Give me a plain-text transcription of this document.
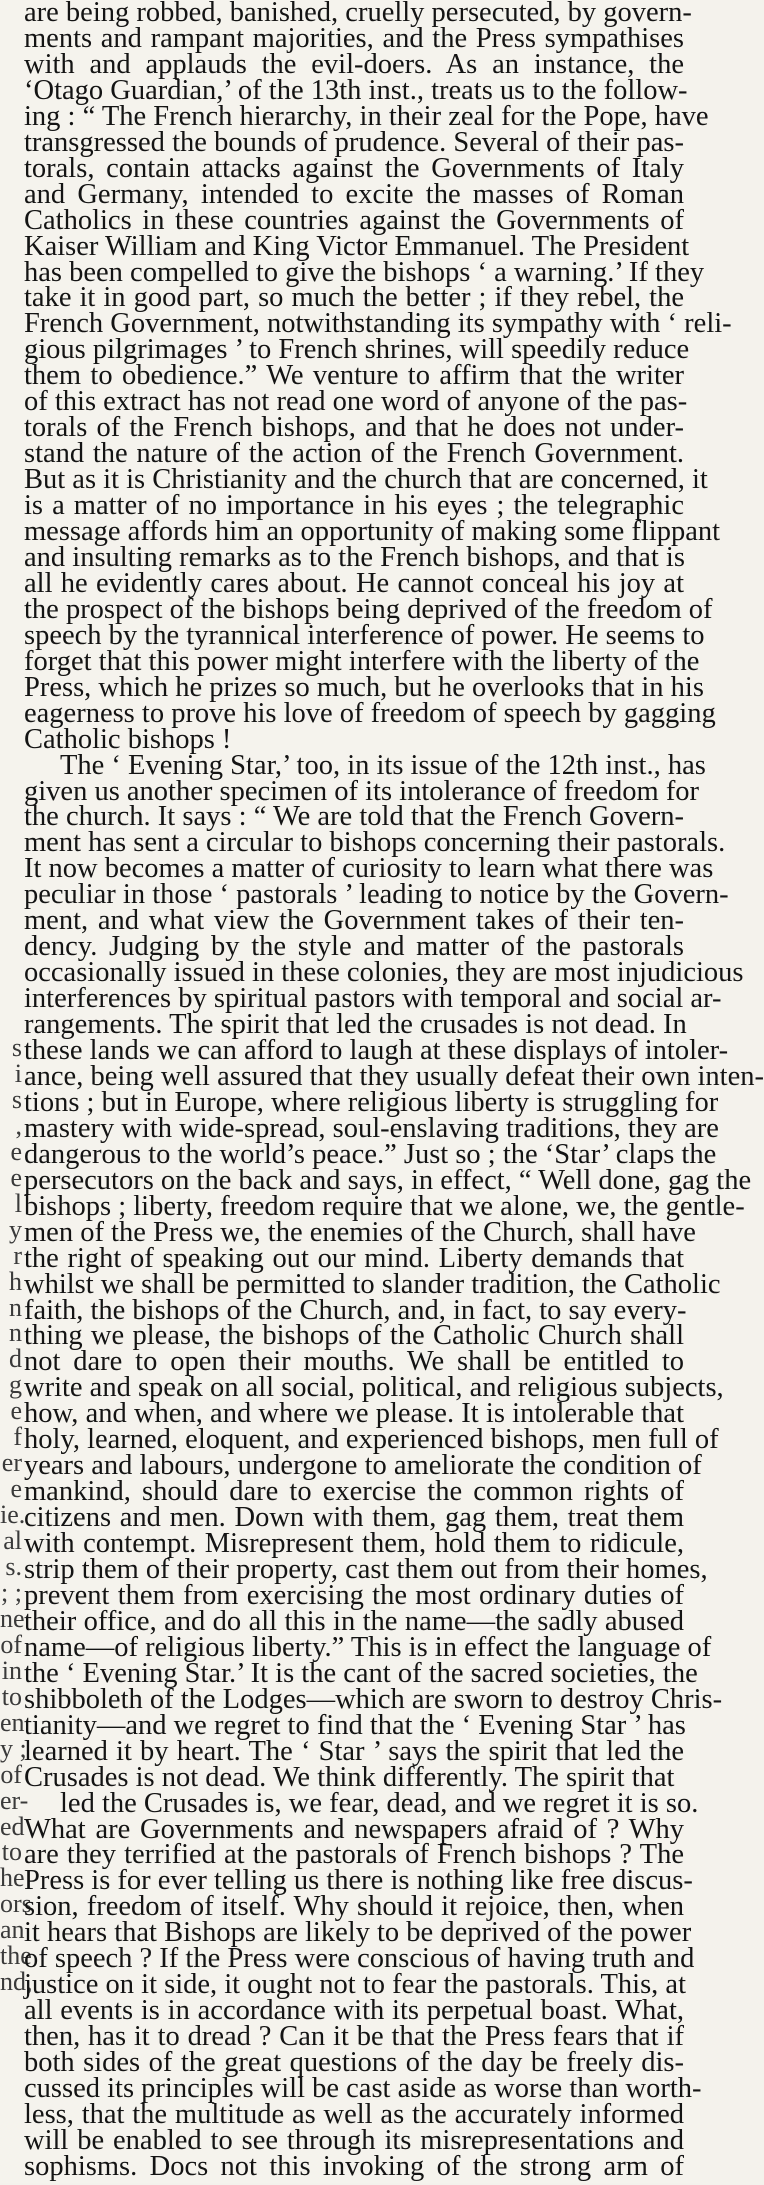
s
i
s
,
e
e
l
y
r
h
n
n
d
g
e
f
er
e
ie.
al
s.
; ;
ne
of
in
to
en
y ;
of
er-
ed
to
he
ors
an
the
nd,
are being robbed, banished, cruelly persecuted, by govern-
ments and rampant majorities, and the Press sympathises
with and applauds the evil-doers. As an instance, the
‘Otago Guardian,’ of the 13th inst., treats us to the follow-
ing : “ The French hierarchy, in their zeal for the Pope, have
transgressed the bounds of prudence. Several of their pas-
torals, contain attacks against the Governments of Italy
and Germany, intended to excite the masses of Roman
Catholics in these countries against the Governments of
Kaiser William and King Victor Emmanuel. The President
has been compelled to give the bishops ‘ a warning.’ If they
take it in good part, so much the better ; if they rebel, the
French Government, notwithstanding its sympathy with ‘ reli-
gious pilgrimages ’ to French shrines, will speedily reduce
them to obedience.” We venture to affirm that the writer
of this extract has not read one word of anyone of the pas-
torals of the French bishops, and that he does not under-
stand the nature of the action of the French Government.
But as it is Christianity and the church that are concerned, it
is a matter of no importance in his eyes ; the telegraphic
message affords him an opportunity of making some flippant
and insulting remarks as to the French bishops, and that is
all he evidently cares about. He cannot conceal his joy at
the prospect of the bishops being deprived of the freedom of
speech by the tyrannical interference of power. He seems to
forget that this power might interfere with the liberty of the
Press, which he prizes so much, but he overlooks that in his
eagerness to prove his love of freedom of speech by gagging
Catholic bishops !
The ‘ Evening Star,’ too, in its issue of the 12th inst., has
given us another specimen of its intolerance of freedom for
the church. It says : “ We are told that the French Govern-
ment has sent a circular to bishops concerning their pastorals.
It now becomes a matter of curiosity to learn what there was
peculiar in those ‘ pastorals ’ leading to notice by the Govern-
ment, and what view the Government takes of their ten-
dency. Judging by the style and matter of the pastorals
occasionally issued in these colonies, they are most injudicious
interferences by spiritual pastors with temporal and social ar-
rangements. The spirit that led the crusades is not dead. In
these lands we can afford to laugh at these displays of intoler-
ance, being well assured that they usually defeat their own inten-
tions ; but in Europe, where religious liberty is struggling for
mastery with wide-spread, soul-enslaving traditions, they are
dangerous to the world’s peace.” Just so ; the ‘Star’ claps the
persecutors on the back and says, in effect, “ Well done, gag the
bishops ; liberty, freedom require that we alone, we, the gentle-
men of the Press we, the enemies of the Church, shall have
the right of speaking out our mind. Liberty demands that
whilst we shall be permitted to slander tradition, the Catholic
faith, the bishops of the Church, and, in fact, to say every-
thing we please, the bishops of the Catholic Church shall
not dare to open their mouths. We shall be entitled to
write and speak on all social, political, and religious subjects,
how, and when, and where we please. It is intolerable that
holy, learned, eloquent, and experienced bishops, men full of
years and labours, undergone to ameliorate the condition of
mankind, should dare to exercise the common rights of
citizens and men. Down with them, gag them, treat them
with contempt. Misrepresent them, hold them to ridicule,
strip them of their property, cast them out from their homes,
prevent them from exercising the most ordinary duties of
their office, and do all this in the name—the sadly abused
name—of religious liberty.” This is in effect the language of
the ‘ Evening Star.’ It is the cant of the sacred societies, the
shibboleth of the Lodges—which are sworn to destroy Chris-
tianity—and we regret to find that the ‘ Evening Star ’ has
learned it by heart. The ‘ Star ’ says the spirit that led the
Crusades is not dead. We think differently. The spirit that
led the Crusades is, we fear, dead, and we regret it is so.
What are Governments and newspapers afraid of ? Why
are they terrified at the pastorals of French bishops ? The
Press is for ever telling us there is nothing like free discus-
sion, freedom of itself. Why should it rejoice, then, when
it hears that Bishops are likely to be deprived of the power
of speech ? If the Press were conscious of having truth and
justice on it side, it ought not to fear the pastorals. This, at
all events is in accordance with its perpetual boast. What,
then, has it to dread ? Can it be that the Press fears that if
both sides of the great questions of the day be freely dis-
cussed its principles will be cast aside as worse than worth-
less, that the multitude as well as the accurately informed
will be enabled to see through its misrepresentations and
sophisms. Docs not this invoking of the strong arm of
